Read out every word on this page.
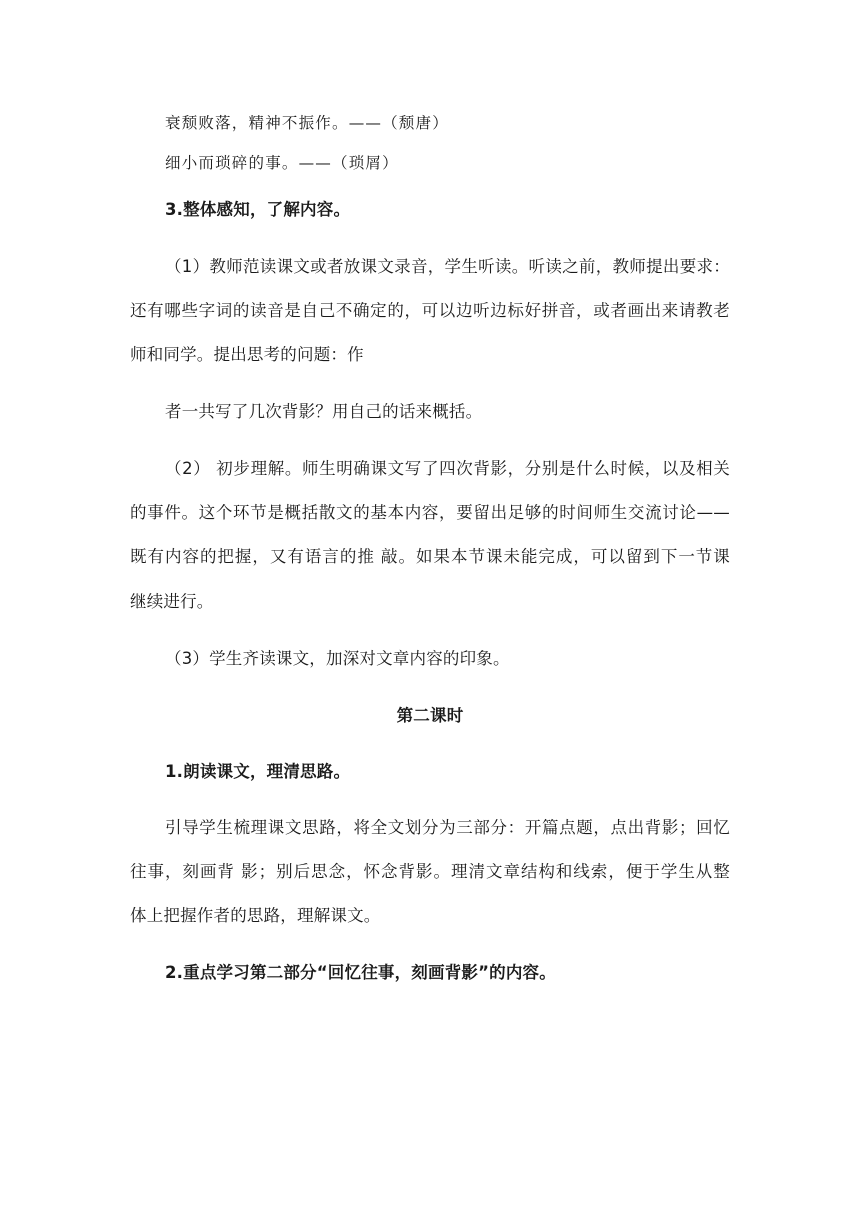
衰颓败落，精神不振作。——（颓唐）
细小而琐碎的事。——（琐屑）
3.整体感知，了解内容。
（1）教师范读课文或者放课文录音，学生听读。听读之前，教师提出要求：
还有哪些字词的读音是自己不确定的，可以边听边标好拼音，或者画出来请教老
师和同学。提出思考的问题：作
者一共写了几次背影？用自己的话来概括。
（2） 初步理解。师生明确课文写了四次背影，分别是什么时候，以及相关
的事件。这个环节是概括散文的基本内容，要留出足够的时间师生交流讨论——
既有内容的把握，又有语言的推 敲。如果本节课未能完成，可以留到下一节课
继续进行。
（3）学生齐读课文，加深对文章内容的印象。
第二课时
1.朗读课文，理清思路。
引导学生梳理课文思路，将全文划分为三部分：开篇点题，点出背影；回忆
往事，刻画背 影；别后思念，怀念背影。理清文章结构和线索，便于学生从整
体上把握作者的思路，理解课文。
2.重点学习第二部分“回忆往事，刻画背影”的内容。
